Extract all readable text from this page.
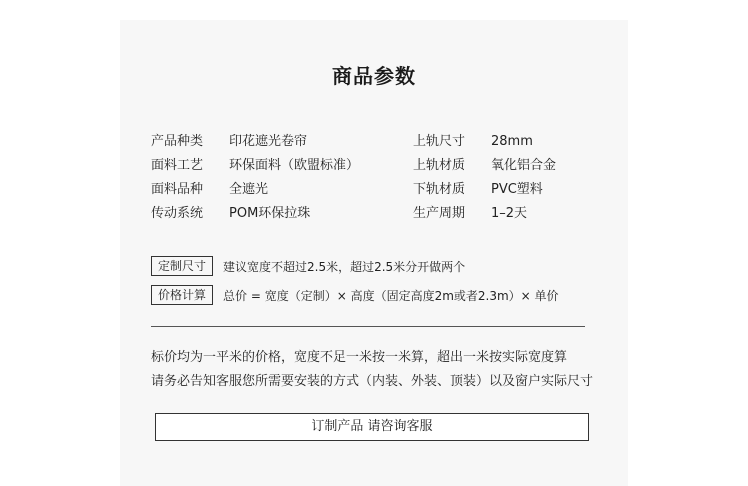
商品参数
产品种类 印花遮光卷帘
面料工艺 环保面料（欧盟标准）
面料品种 全遮光
传动系统 POM环保拉珠
上轨尺寸 28mm
上轨材质 氧化铝合金
下轨材质 PVC塑料
生产周期 1–2天
定制尺寸 建议宽度不超过2.5米，超过2.5米分开做两个
价格计算 总价 = 宽度（定制）× 高度（固定高度2m或者2.3m）× 单价
标价均为一平米的价格，宽度不足一米按一米算，超出一米按实际宽度算
请务必告知客服您所需要安装的方式（内装、外装、顶装）以及窗户实际尺寸
订制产品 请咨询客服
